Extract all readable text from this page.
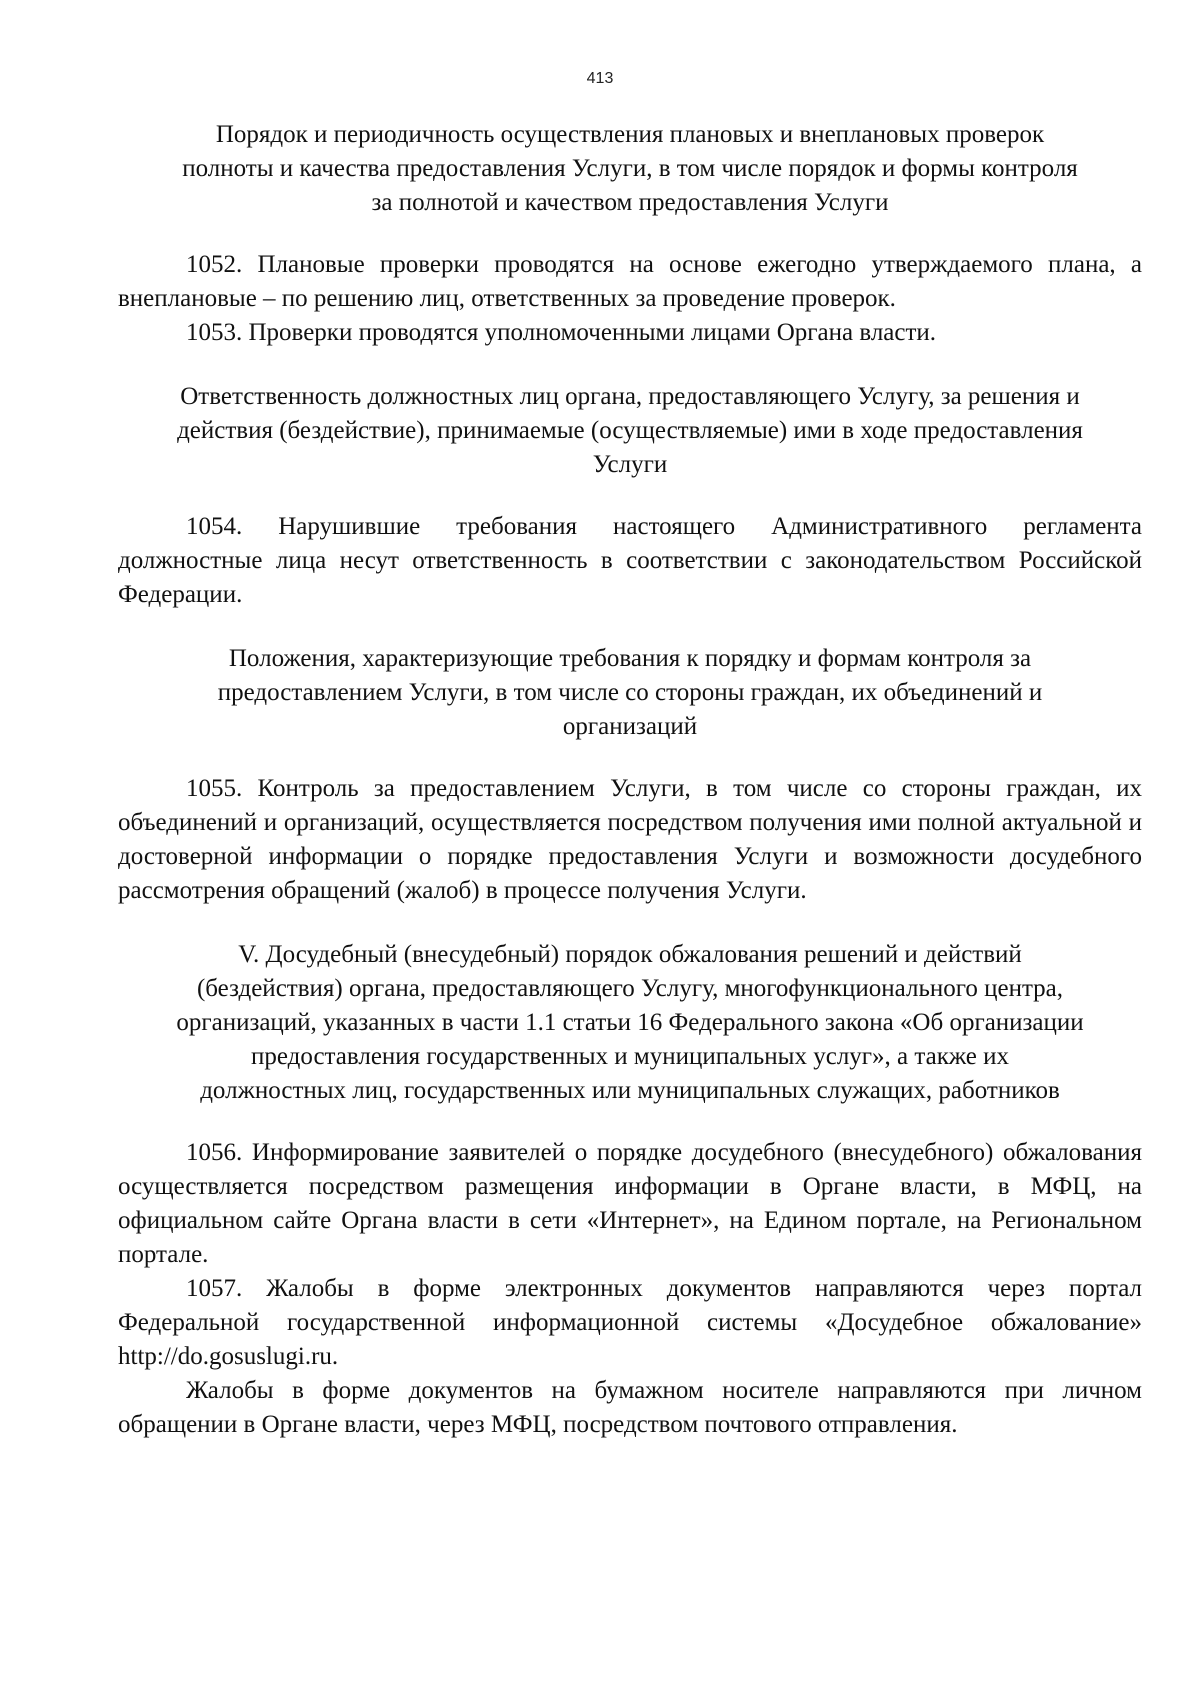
413
Порядок и периодичность осуществления плановых и внеплановых проверок
полноты и качества предоставления Услуги, в том числе порядок и формы контроля
за полнотой и качеством предоставления Услуги

1052. Плановые проверки проводятся на основе ежегодно утверждаемого плана, а внеплановые – по решению лиц, ответственных за проведение проверок.

1053. Проверки проводятся уполномоченными лицами Органа власти.

Ответственность должностных лиц органа, предоставляющего Услугу, за решения и
действия (бездействие), принимаемые (осуществляемые) ими в ходе предоставления
Услуги

1054. Нарушившие требования настоящего Административного регламента должностные лица несут ответственность в соответствии с законодательством Российской Федерации.

Положения, характеризующие требования к порядку и формам контроля за
предоставлением Услуги, в том числе со стороны граждан, их объединений и
организаций

1055. Контроль за предоставлением Услуги, в том числе со стороны граждан, их объединений и организаций, осуществляется посредством получения ими полной актуальной и достоверной информации о порядке предоставления Услуги и возможности досудебного рассмотрения обращений (жалоб) в процессе получения Услуги.

V. Досудебный (внесудебный) порядок обжалования решений и действий
(бездействия) органа, предоставляющего Услугу, многофункционального центра,
организаций, указанных в части 1.1 статьи 16 Федерального закона «Об организации
предоставления государственных и муниципальных услуг», а также их
должностных лиц, государственных или муниципальных служащих, работников

1056. Информирование заявителей о порядке досудебного (внесудебного) обжалования осуществляется посредством размещения информации в Органе власти, в МФЦ, на официальном сайте Органа власти в сети «Интернет», на Едином портале, на Региональном портале.

1057. Жалобы в форме электронных документов направляются через портал Федеральной государственной информационной системы «Досудебное обжалование» http://do.gosuslugi.ru.

Жалобы в форме документов на бумажном носителе направляются при личном обращении в Органе власти, через МФЦ, посредством почтового отправления.
